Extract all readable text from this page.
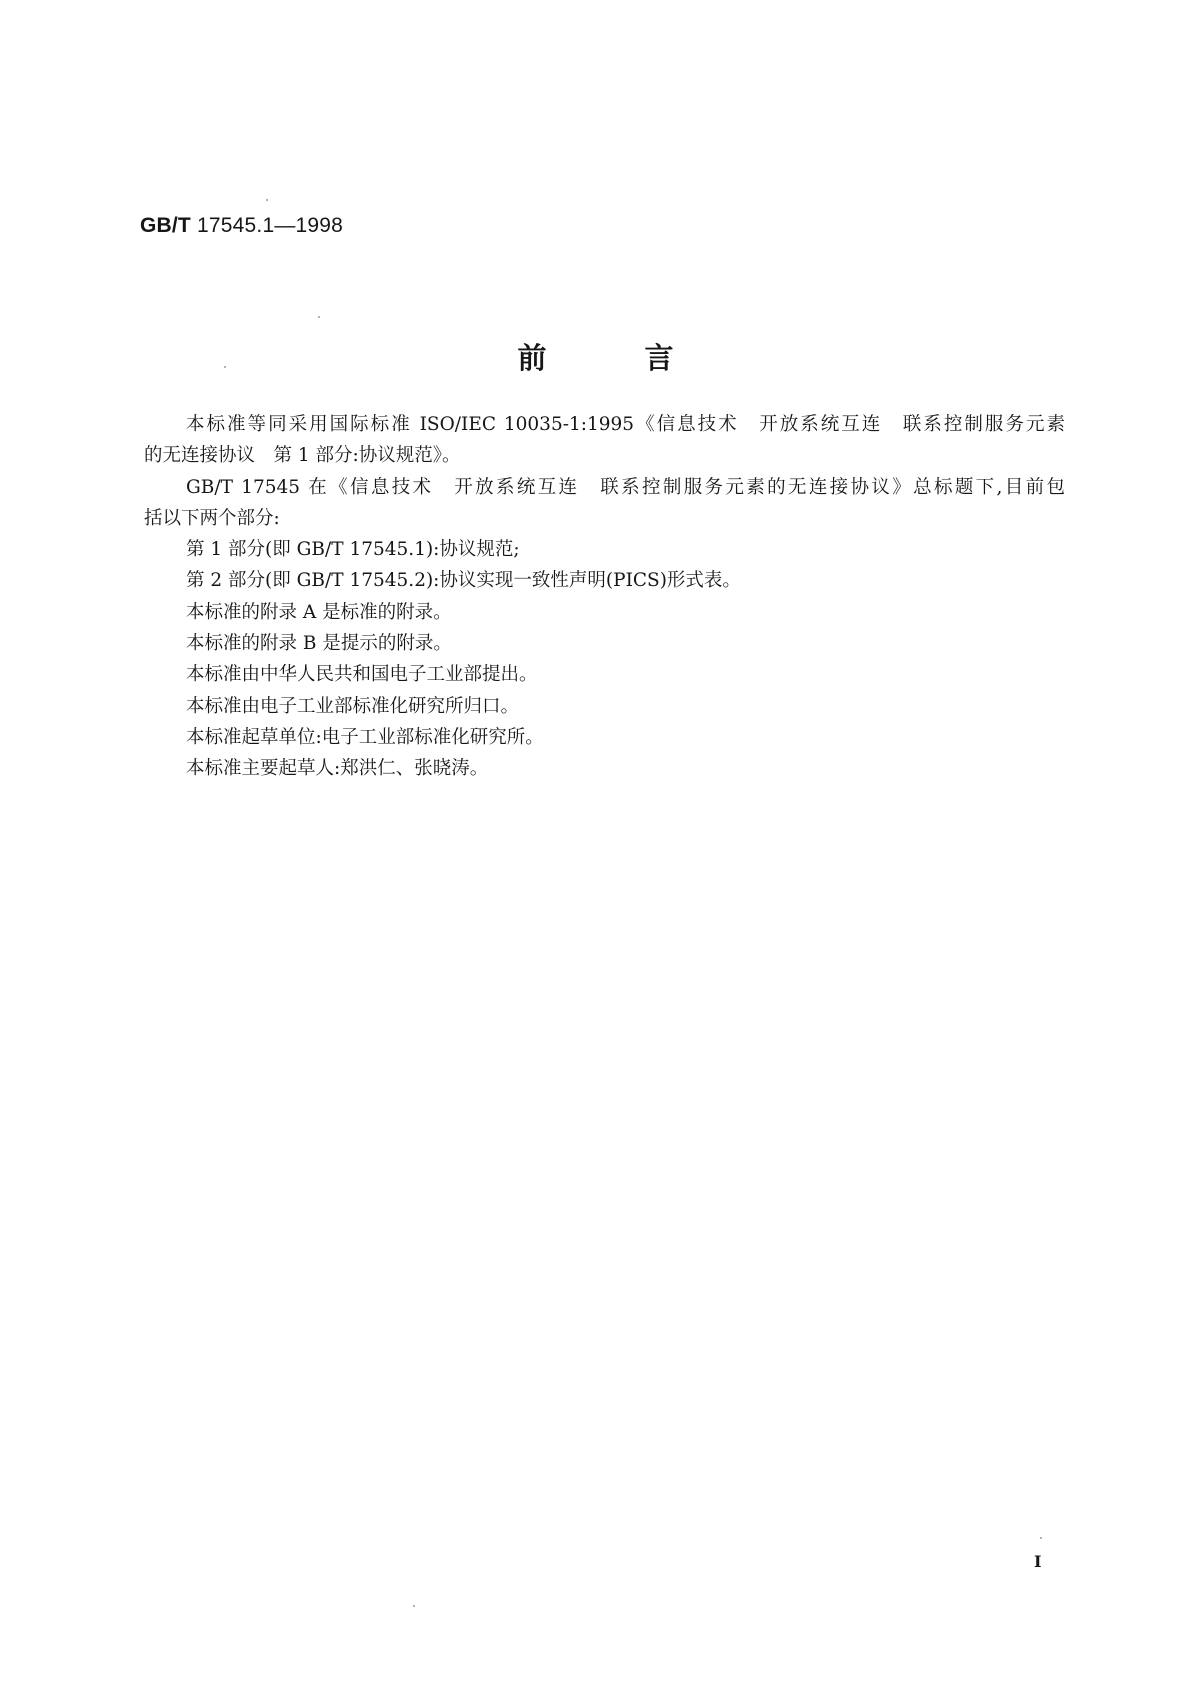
GB/T 17545.1—1998
前	言
本标准等同采用国际标准 ISO/IEC 10035-1:1995《信息技术　开放系统互连　联系控制服务元素
的无连接协议　第 1 部分:协议规范》。
GB/T 17545 在《信息技术　开放系统互连　联系控制服务元素的无连接协议》总标题下,目前包
括以下两个部分:
第 1 部分(即 GB/T 17545.1):协议规范;
第 2 部分(即 GB/T 17545.2):协议实现一致性声明(PICS)形式表。
本标准的附录 A 是标准的附录。
本标准的附录 B 是提示的附录。
本标准由中华人民共和国电子工业部提出。
本标准由电子工业部标准化研究所归口。
本标准起草单位:电子工业部标准化研究所。
本标准主要起草人:郑洪仁、张晓涛。
I
